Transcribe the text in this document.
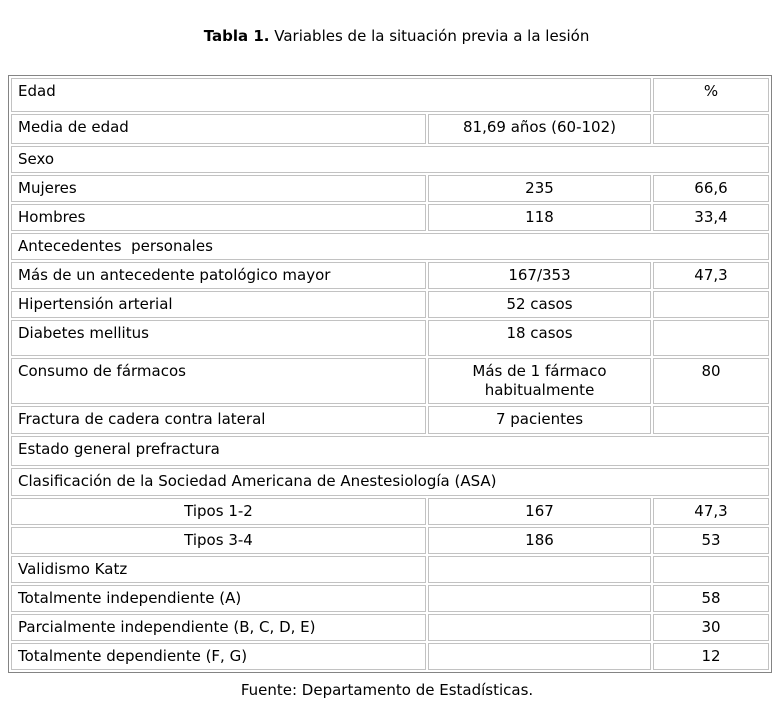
Tabla 1. Variables de la situación previa a la lesión

Edad		%
Media de edad	81,69 años (60-102)	
Sexo		
Mujeres	235	66,6
Hombres	118	33,4
Antecedentes  personales		
Más de un antecedente patológico mayor	167/353	47,3
Hipertensión arterial	52 casos	
Diabetes mellitus	18 casos	
Consumo de fármacos	Más de 1 fármaco habitualmente	80
Fractura de cadera contra lateral	7 pacientes	
Estado general prefractura		
Clasificación de la Sociedad Americana de Anestesiología (ASA)		
Tipos 1-2	167	47,3
Tipos 3-4	186	53
Validismo Katz		
Totalmente independiente (A)		58
Parcialmente independiente (B, C, D, E)		30
Totalmente dependiente (F, G)		12
Fuente: Departamento de Estadísticas.
